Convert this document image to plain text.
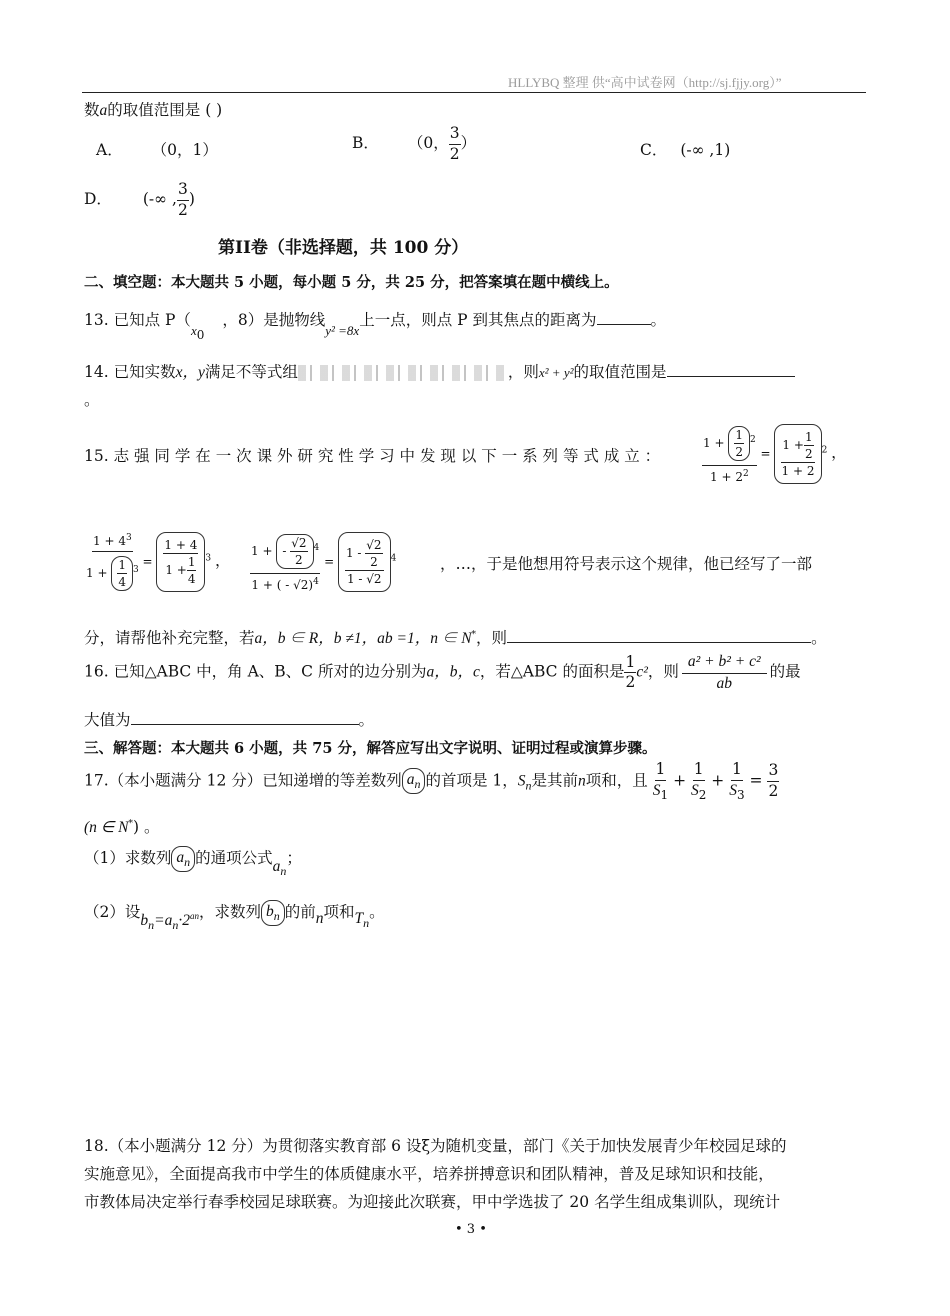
HLLYBQ 整理 供“高中试卷网（http://sj.fjjy.org）”
数a的取值范围是 ( )
A． （0，1）	B． （0， $\frac{3}{2}$ ）	C． (-∞ ,1)
D． (-∞ , $\frac{3}{2}$ )
第II卷（非选择题，共 100 分）
二、填空题：本大题共 5 小题，每小题 5 分，共 25 分，把答案填在题中横线上。
13. 已知点 $P(_{x0}$，8）是抛物线$_{y^2 =8x}$上一点，则点 P 到其焦点的距离为	。
14. 已知实数x，y满足不等式组	，则x² + y²的取值范围是
。
15. 志 强 同 学 在 一 次 课 外 研 究 性 学 习 中 发 现 以 下 一 系 列 等 式 成 立 ：	$\frac{1 + \frac{1}{2} ^2}{1 + 2^2} = \frac{1 + \frac{1}{2}}{1 + 2} ^2$ ，
$\frac{1 + 4^3}{1 + \frac{1}{4} ^3} = \frac{1 + 4}{1 + \frac{1}{4}} ^3$ ， $\frac{1 + - \frac{√2}{2} ^4}{1 + ( - √2)^4} = \frac{1 - \frac{√2}{2}}{1 - √2} ^4$	，…，于是他想用符号表示这个规律，他已经写了一部
分，请帮他补充完整，若a，b ∈ R，b ≠1，ab =1，n ∈ N*，则	。
16. 已知△ABC 中，角 A、B、C 所对的边分别为a，b，c，若△ABC 的面积是 $\frac{1}{2} c^2$，则 $\frac{\text{a² + b² + c²}}{ab}$ 的最
大值为	。
三、解答题：本大题共 6 小题，共 75 分，解答应写出文字说明、证明过程或演算步骤。
17.（本小题满分 12 分）已知递增的等差数列 $a_n$ 的首项是 1，$S_n$是其前n项和，且 $\frac{1}{S_1} + \frac{1}{S_2} + \frac{1}{S_3} = \frac{3}{2}$
(n ∈ N*) 。
（1）求数列 $a_n$ 的通项公式$a_n$；
（2）设$b_n=a_n\cdot 2^{an}$，求数列 $b_n$ 的前n项和$T_n$。
18.（本小题满分 12 分）为贯彻落实教育部 6 设ξ为随机变量，部门《关于加快发展青少年校园足球的
实施意见》，全面提高我市中学生的体质健康水平，培养拼搏意识和团队精神，普及足球知识和技能，
市教体局决定举行春季校园足球联赛。为迎接此次联赛，甲中学选拔了 20 名学生组成集训队，现统计
• 3 •
